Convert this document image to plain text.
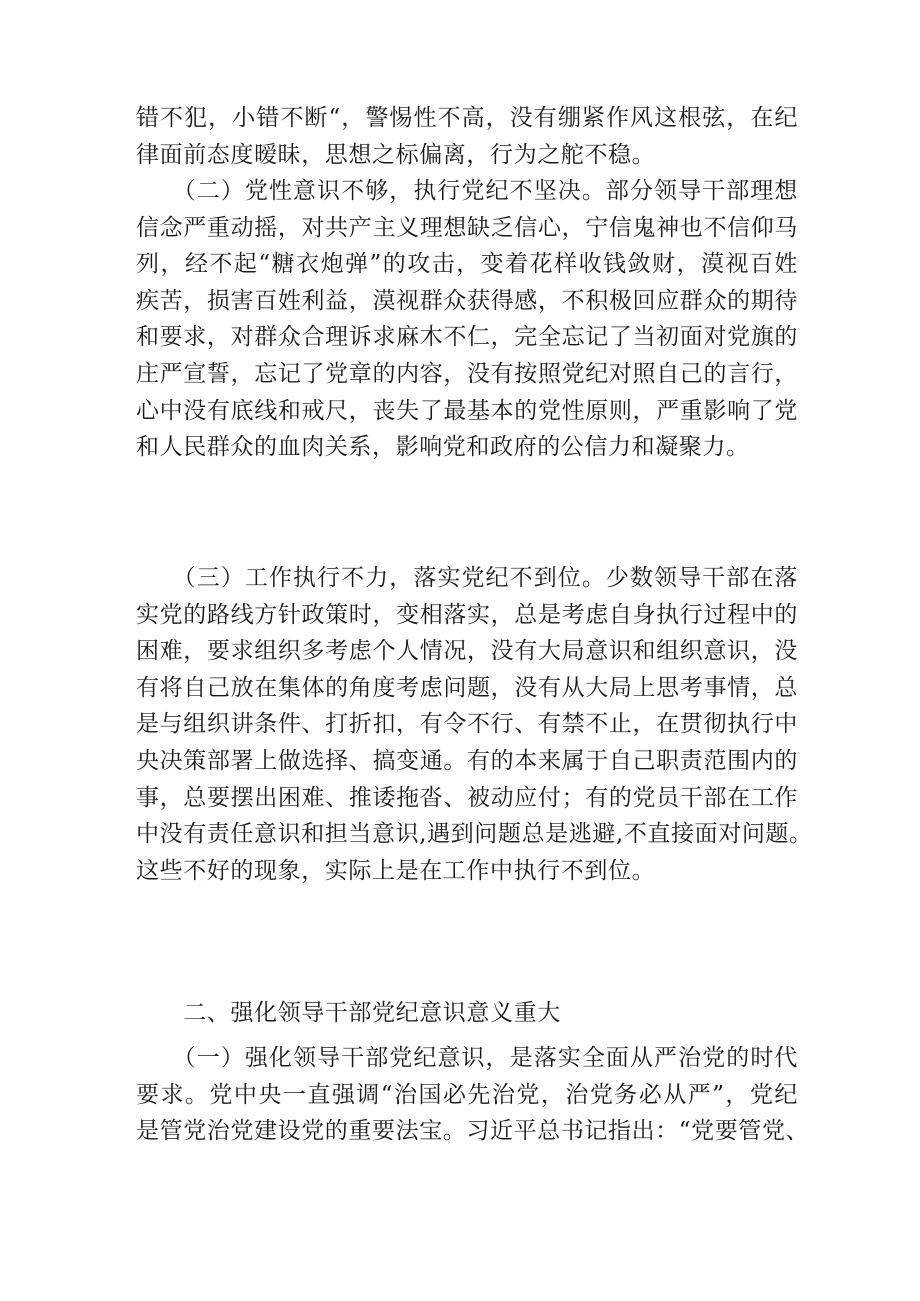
错不犯，小错不断“，警惕性不高，没有绷紧作风这根弦，在纪
律面前态度暧昧，思想之标偏离，行为之舵不稳。
　　（二）党性意识不够，执行党纪不坚决。部分领导干部理想
信念严重动摇，对共产主义理想缺乏信心，宁信鬼神也不信仰马
列，经不起“糖衣炮弹”的攻击，变着花样收钱敛财，漠视百姓
疾苦，损害百姓利益，漠视群众获得感，不积极回应群众的期待
和要求，对群众合理诉求麻木不仁，完全忘记了当初面对党旗的
庄严宣誓，忘记了党章的内容，没有按照党纪对照自己的言行，
心中没有底线和戒尺，丧失了最基本的党性原则，严重影响了党
和人民群众的血肉关系，影响党和政府的公信力和凝聚力。
　　（三）工作执行不力，落实党纪不到位。少数领导干部在落
实党的路线方针政策时，变相落实，总是考虑自身执行过程中的
困难，要求组织多考虑个人情况，没有大局意识和组织意识，没
有将自己放在集体的角度考虑问题，没有从大局上思考事情，总
是与组织讲条件、打折扣，有令不行、有禁不止，在贯彻执行中
央决策部署上做选择、搞变通。有的本来属于自己职责范围内的
事，总要摆出困难、推诿拖沓、被动应付；有的党员干部在工作
中没有责任意识和担当意识,遇到问题总是逃避,不直接面对问题。
这些不好的现象，实际上是在工作中执行不到位。
　　二、强化领导干部党纪意识意义重大
　　（一）强化领导干部党纪意识，是落实全面从严治党的时代
要求。党中央一直强调“治国必先治党，治党务必从严”，党纪
是管党治党建设党的重要法宝。习近平总书记指出：“党要管党、
